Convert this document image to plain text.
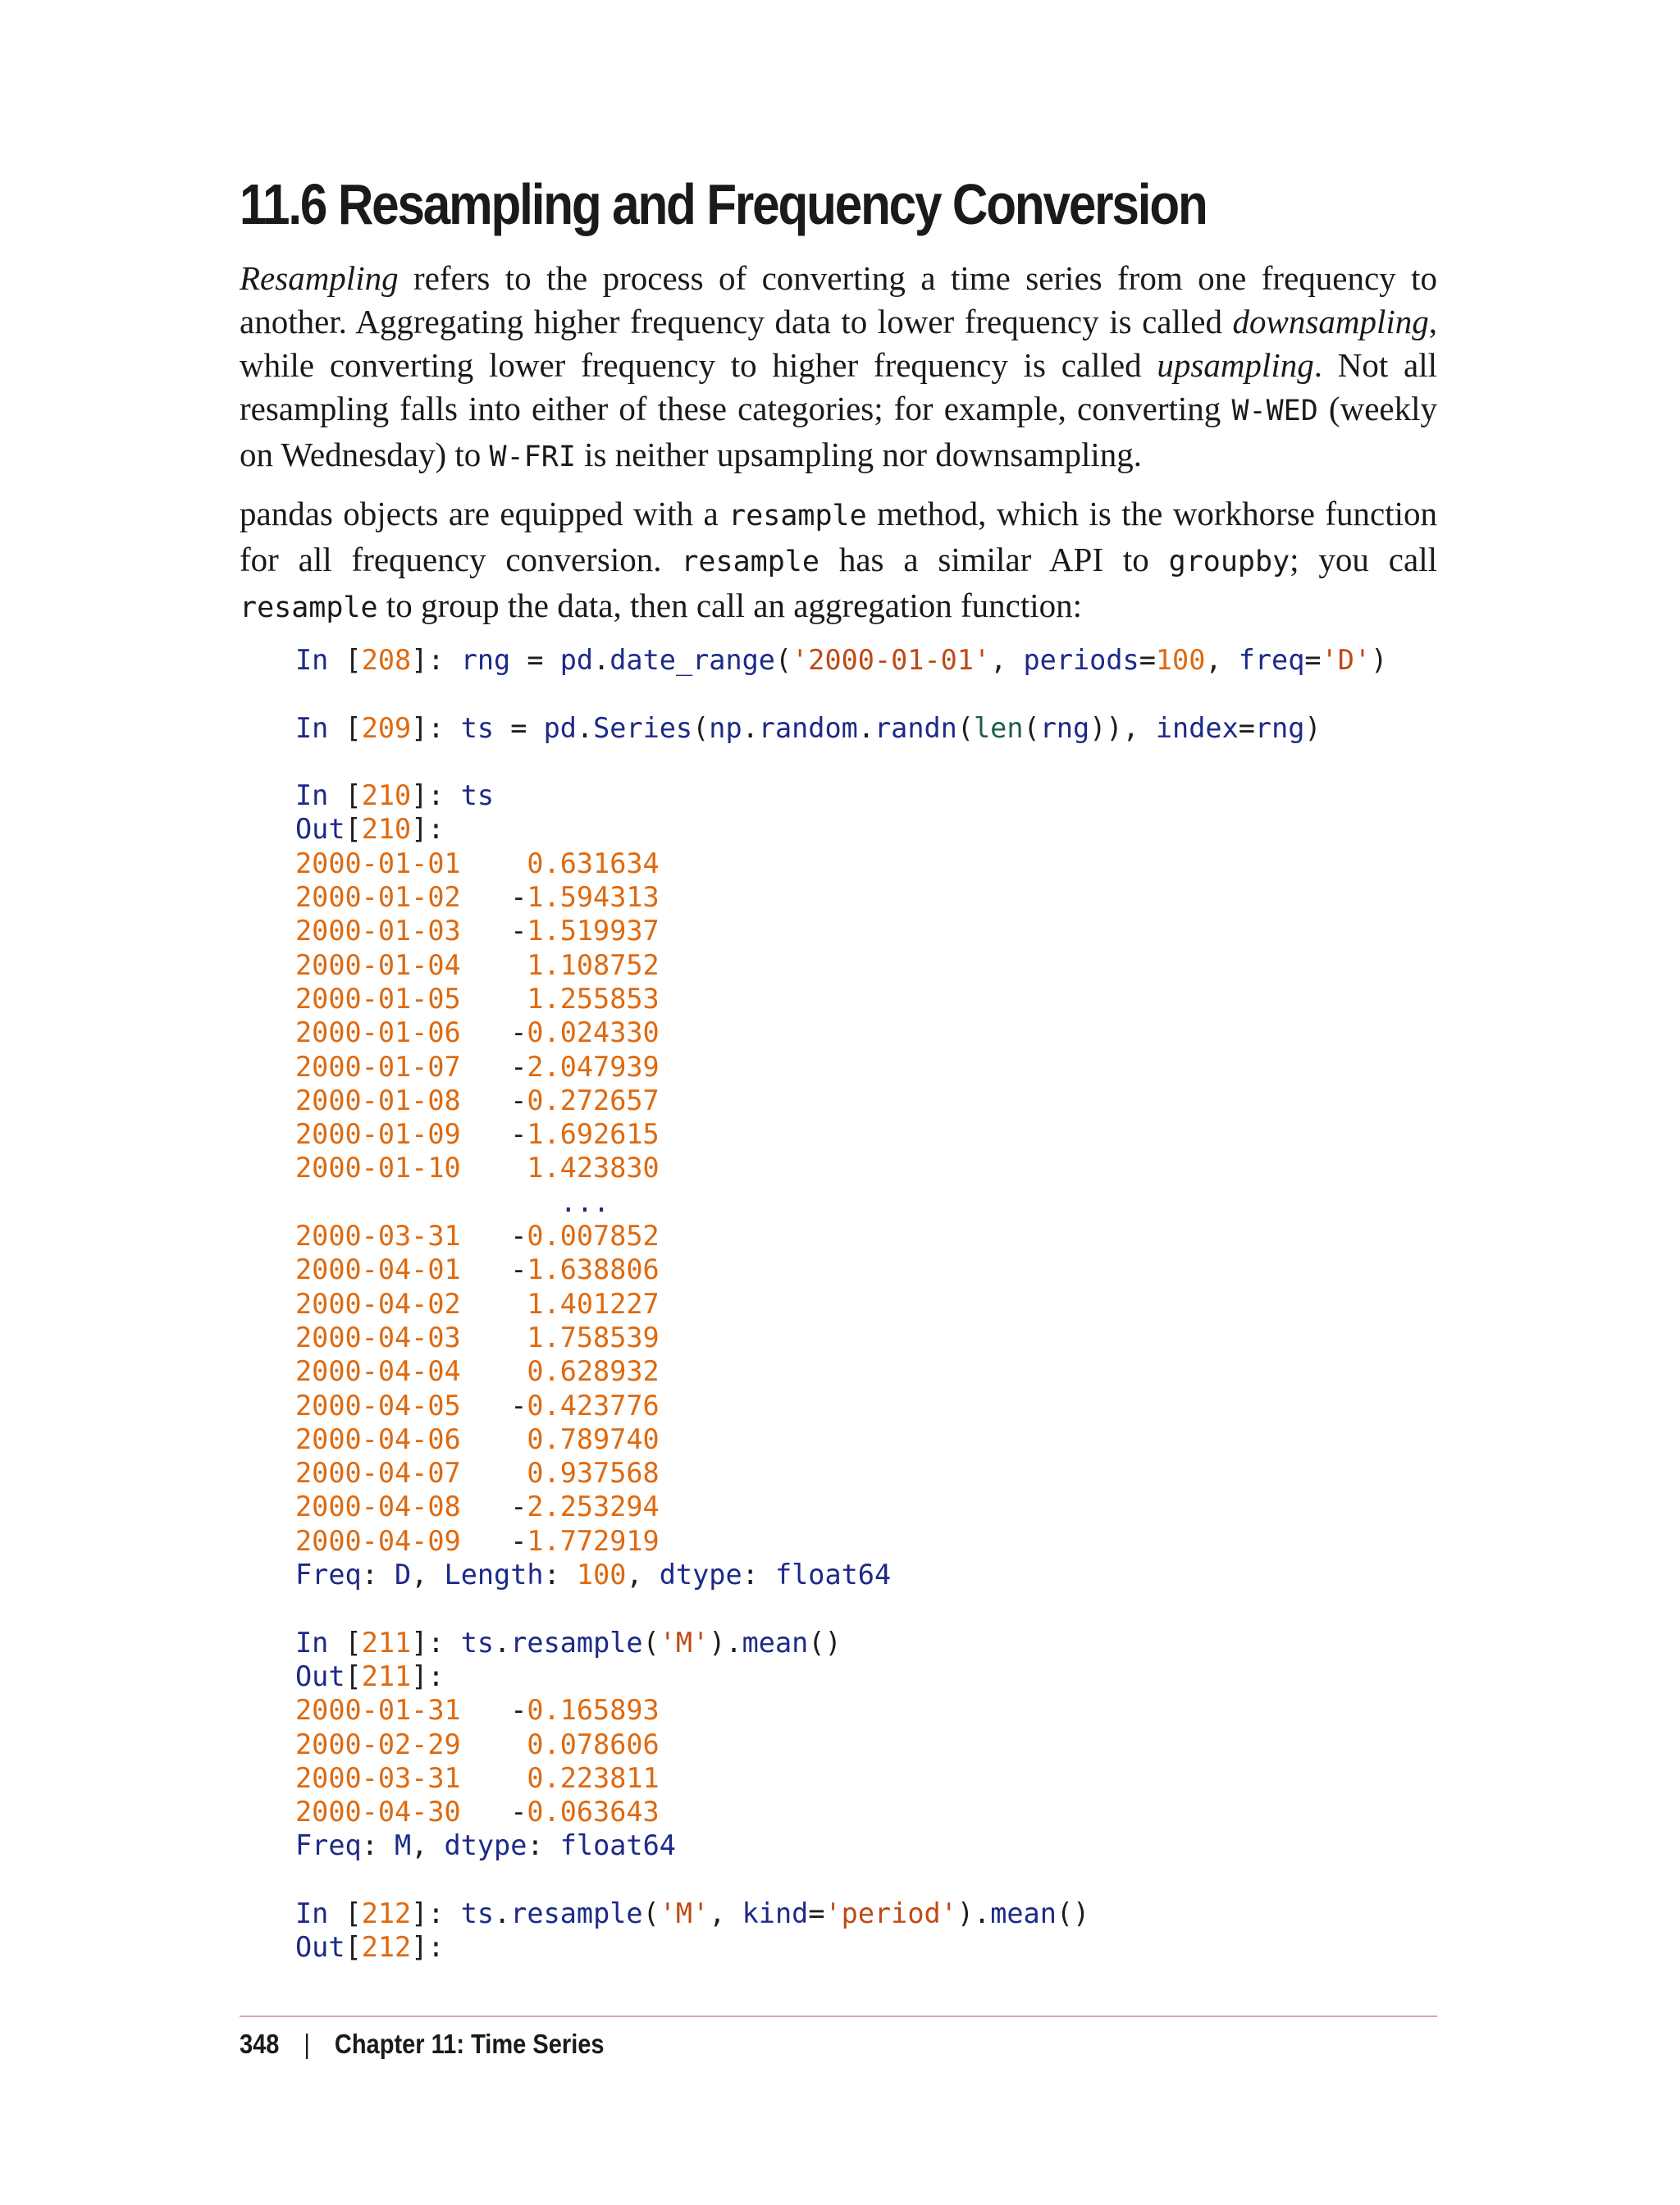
11.6 Resampling and Frequency Conversion

Resampling refers to the process of converting a time series from one frequency to another. Aggregating higher frequency data to lower frequency is called downsampling, while converting lower frequency to higher frequency is called upsampling. Not all resampling falls into either of these categories; for example, converting W-WED (weekly on Wednesday) to W-FRI is neither upsampling nor downsampling.

pandas objects are equipped with a resample method, which is the workhorse function for all frequency conversion. resample has a similar API to groupby; you call resample to group the data, then call an aggregation function:

In [208]: rng = pd.date_range('2000-01-01', periods=100, freq='D')

In [209]: ts = pd.Series(np.random.randn(len(rng)), index=rng)

In [210]: ts
Out[210]:
2000-01-01 0.631634
2000-01-02 -1.594313
2000-01-03 -1.519937
2000-01-04 1.108752
2000-01-05 1.255853
2000-01-06 -0.024330
2000-01-07 -2.047939
2000-01-08 -0.272657
2000-01-09 -1.692615
2000-01-10 1.423830
...
2000-03-31 -0.007852
2000-04-01 -1.638806
2000-04-02 1.401227
2000-04-03 1.758539
2000-04-04 0.628932
2000-04-05 -0.423776
2000-04-06 0.789740
2000-04-07 0.937568
2000-04-08 -2.253294
2000-04-09 -1.772919
Freq: D, Length: 100, dtype: float64

In [211]: ts.resample('M').mean()
Out[211]:
2000-01-31 -0.165893
2000-02-29 0.078606
2000-03-31 0.223811
2000-04-30 -0.063643
Freq: M, dtype: float64

In [212]: ts.resample('M', kind='period').mean()
Out[212]:
348 | Chapter 11: Time Series
